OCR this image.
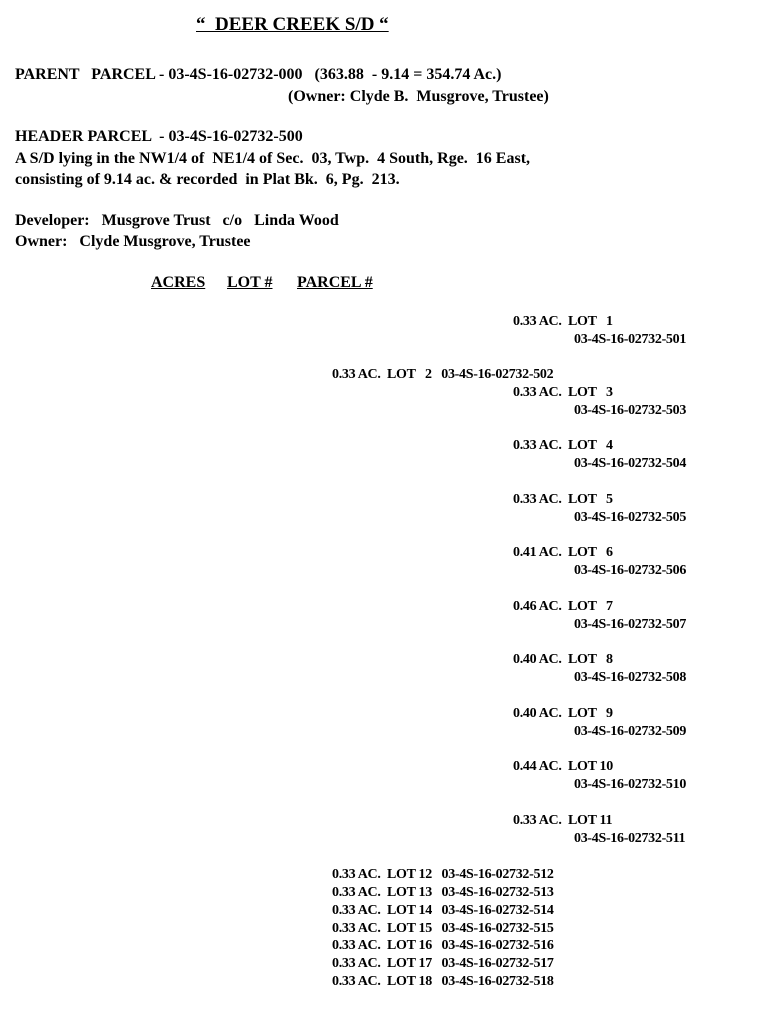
“  DEER CREEK S/D “
PARENT   PARCEL - 03-4S-16-02732-000   (363.88  - 9.14 = 354.74 Ac.)
(Owner: Clyde B.  Musgrove, Trustee)
HEADER PARCEL  - 03-4S-16-02732-500
A S/D lying in the NW1/4 of  NE1/4 of Sec.  03, Twp.  4 South, Rge.  16 East,
consisting of 9.14 ac. & recorded  in Plat Bk.  6, Pg.  213.
Developer:   Musgrove Trust   c/o   Linda Wood
Owner:   Clyde Musgrove, Trustee
ACRES LOT # PARCEL #
0.33 AC.  LOT   1
03-4S-16-02732-501
0.33 AC.  LOT   2   03-4S-16-02732-502
0.33 AC.  LOT   3
03-4S-16-02732-503
0.33 AC.  LOT   4
03-4S-16-02732-504
0.33 AC.  LOT   5
03-4S-16-02732-505
0.41 AC.  LOT   6
03-4S-16-02732-506
0.46 AC.  LOT   7
03-4S-16-02732-507
0.40 AC.  LOT   8
03-4S-16-02732-508
0.40 AC.  LOT   9
03-4S-16-02732-509
0.44 AC.  LOT 10
03-4S-16-02732-510
0.33 AC.  LOT 11
03-4S-16-02732-511
0.33 AC.  LOT 12   03-4S-16-02732-512
0.33 AC.  LOT 13   03-4S-16-02732-513
0.33 AC.  LOT 14   03-4S-16-02732-514
0.33 AC.  LOT 15   03-4S-16-02732-515
0.33 AC.  LOT 16   03-4S-16-02732-516
0.33 AC.  LOT 17   03-4S-16-02732-517
0.33 AC.  LOT 18   03-4S-16-02732-518
